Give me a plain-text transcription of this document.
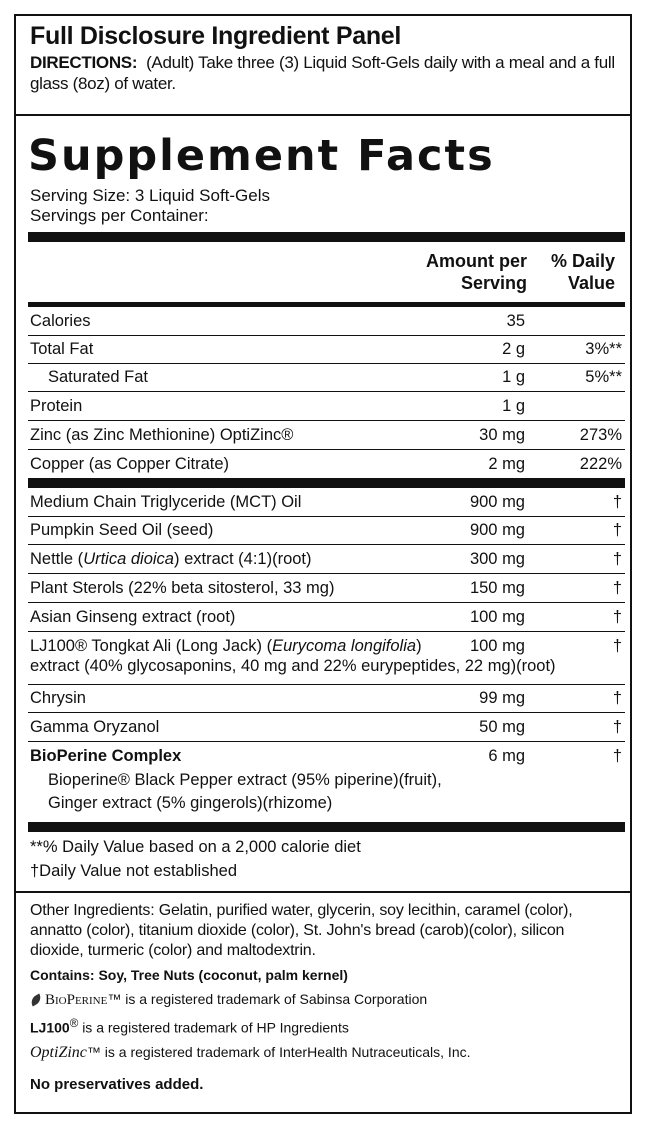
Full Disclosure Ingredient Panel
DIRECTIONS: (Adult) Take three (3) Liquid Soft-Gels daily with a meal and a full glass (8oz) of water.
Supplement Facts
Serving Size: 3 Liquid Soft-Gels
Servings per Container:
Amount per
Serving
% Daily
Value
Calories	35
Total Fat	2 g	3%**
Saturated Fat	1 g	5%**
Protein	1 g
Zinc (as Zinc Methionine) OptiZinc®	30 mg	273%
Copper (as Copper Citrate)	2 mg	222%
Medium Chain Triglyceride (MCT) Oil	900 mg	†
Pumpkin Seed Oil (seed)	900 mg	†
Nettle (Urtica dioica) extract (4:1)(root)	300 mg	†
Plant Sterols (22% beta sitosterol, 33 mg)	150 mg	†
Asian Ginseng extract (root)	100 mg	†
LJ100® Tongkat Ali (Long Jack) (Eurycoma longifolia)
extract (40% glycosaponins, 40 mg and 22% eurypeptides, 22 mg)(root)
100 mg	†
Chrysin	99 mg	†
Gamma Oryzanol	50 mg	†
BioPerine Complex
Bioperine® Black Pepper extract (95% piperine)(fruit),
Ginger extract (5% gingerols)(rhizome)
6 mg	†
**% Daily Value based on a 2,000 calorie diet
†Daily Value not established
Other Ingredients: Gelatin, purified water, glycerin, soy lecithin, caramel (color), annatto (color), titanium dioxide (color), St. John's bread (carob)(color), silicon dioxide, turmeric (color) and maltodextrin.
Contains: Soy, Tree Nuts (coconut, palm kernel)
BioPerine™ is a registered trademark of Sabinsa Corporation
LJ100® is a registered trademark of HP Ingredients
OptiZinc™ is a registered trademark of InterHealth Nutraceuticals, Inc.
No preservatives added.
